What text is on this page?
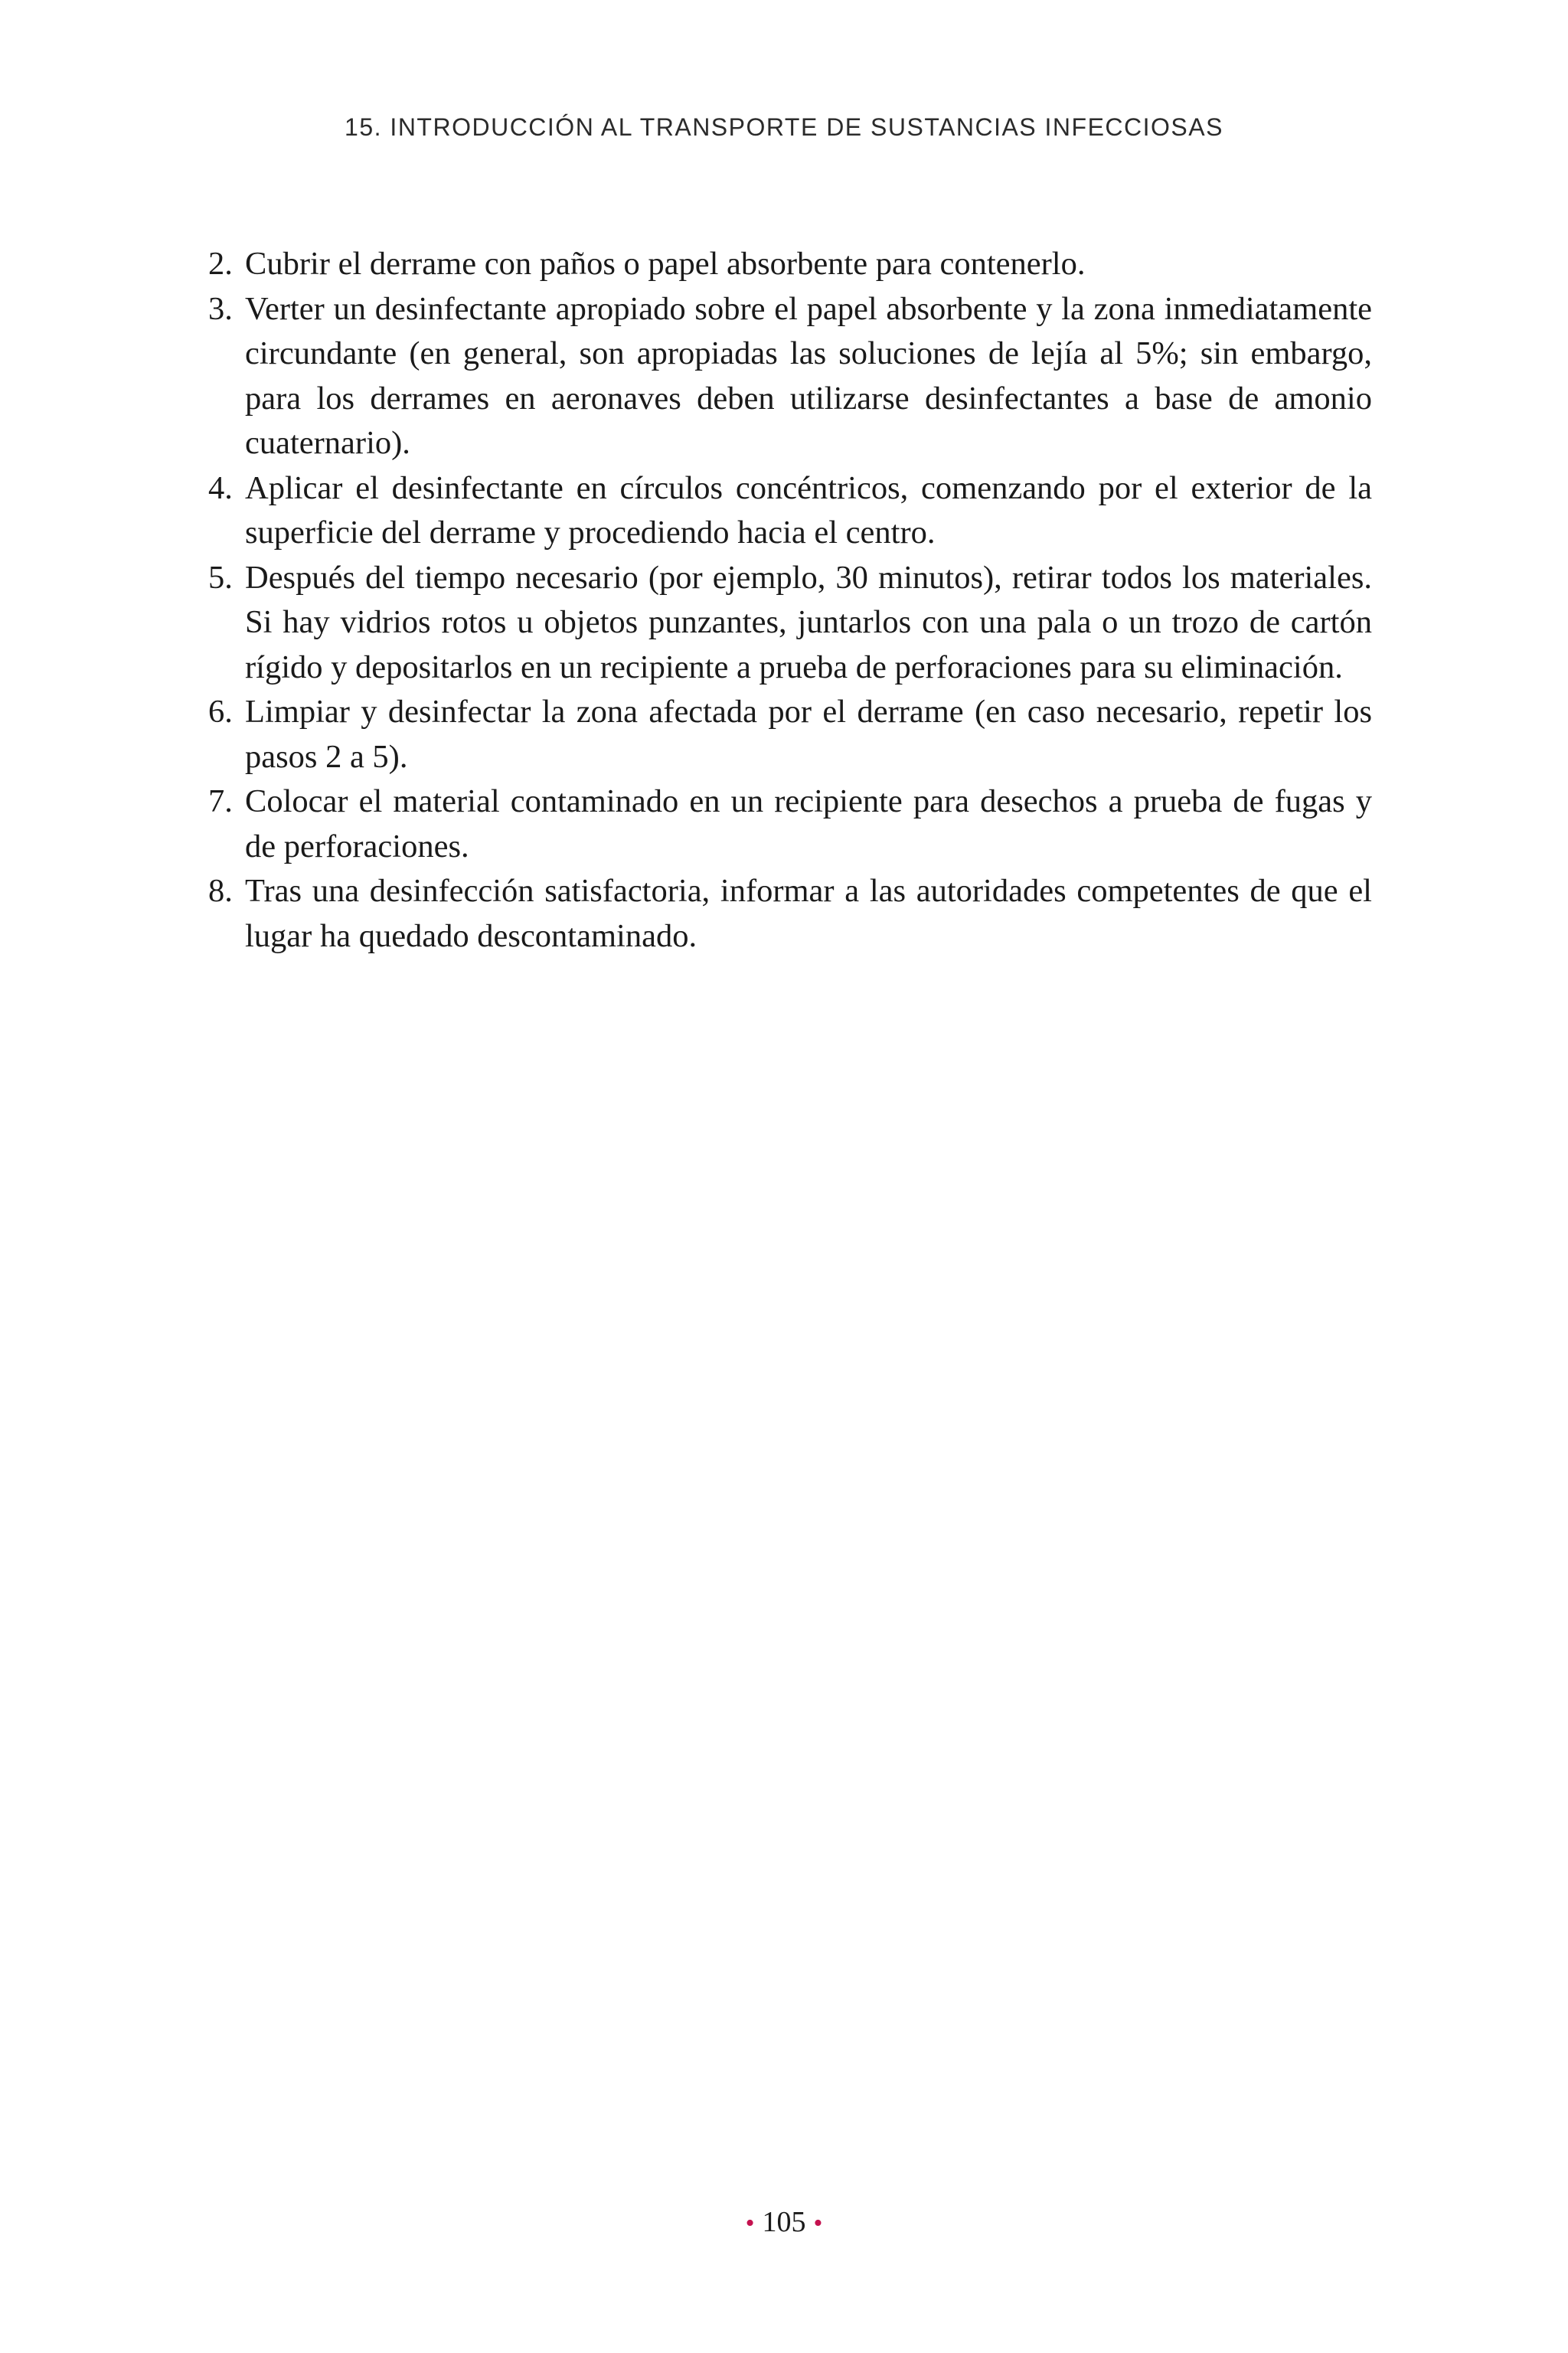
15. INTRODUCCIÓN AL TRANSPORTE DE SUSTANCIAS INFECCIOSAS
2. Cubrir el derrame con paños o papel absorbente para contenerlo.
3. Verter un desinfectante apropiado sobre el papel absorbente y la zona inmediatamente circundante (en general, son apropiadas las soluciones de lejía al 5%; sin embargo, para los derrames en aeronaves deben utilizarse desinfectantes a base de amonio cuaternario).
4. Aplicar el desinfectante en círculos concéntricos, comenzando por el exterior de la superficie del derrame y procediendo hacia el centro.
5. Después del tiempo necesario (por ejemplo, 30 minutos), retirar todos los materiales. Si hay vidrios rotos u objetos punzantes, juntarlos con una pala o un trozo de cartón rígido y depositarlos en un recipiente a prueba de perforaciones para su eliminación.
6. Limpiar y desinfectar la zona afectada por el derrame (en caso necesario, repetir los pasos 2 a 5).
7. Colocar el material contaminado en un recipiente para desechos a prueba de fugas y de perforaciones.
8. Tras una desinfección satisfactoria, informar a las autoridades competentes de que el lugar ha quedado descontaminado.
• 105 •
